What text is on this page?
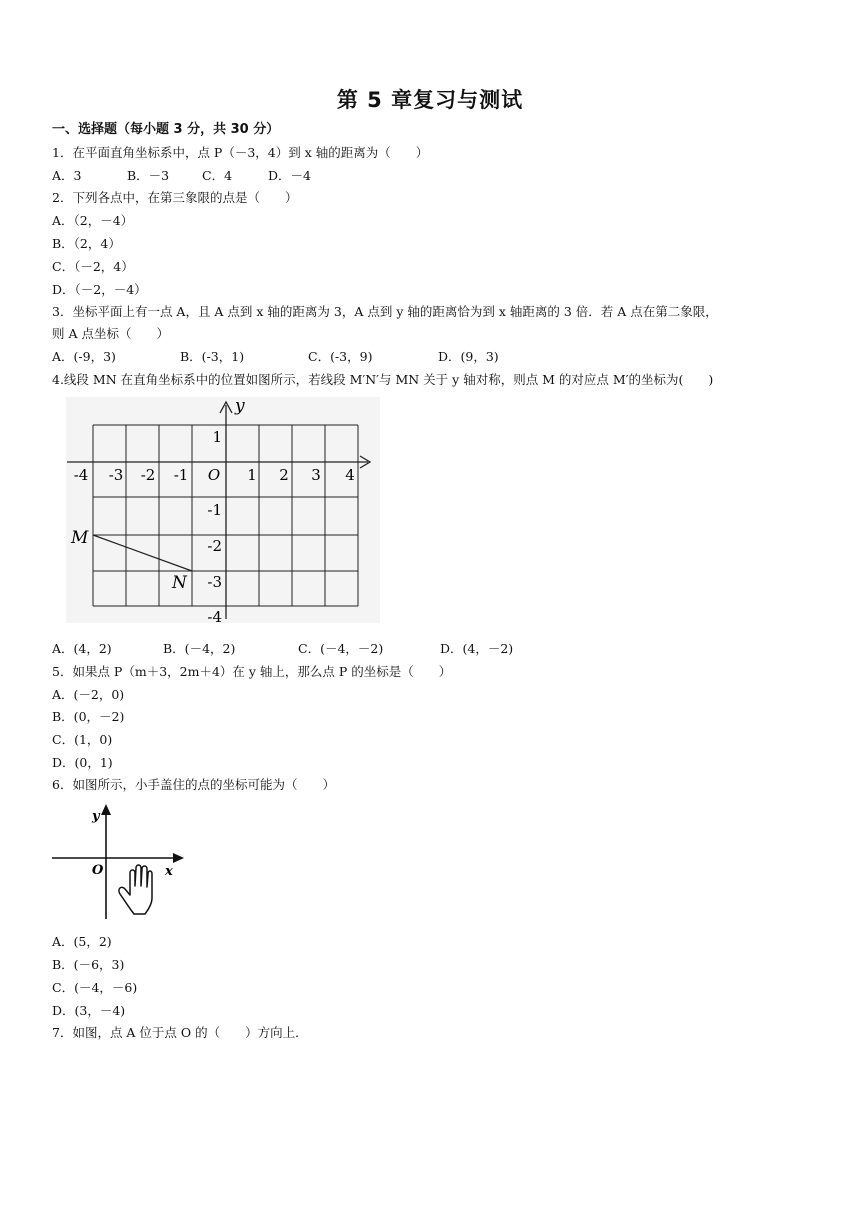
第 5 章复习与测试
一、选择题（每小题 3 分，共 30 分）
1．在平面直角坐标系中，点 P（－3，4）到 x 轴的距离为（　　）
A．3	B．－3	C．4	D．－4
2．下列各点中，在第三象限的点是（　　）
A．（2，－4）
B．（2，4）
C．（－2，4）
D．（－2，－4）
3．坐标平面上有一点 A，且 A 点到 x 轴的距离为 3，A 点到 y 轴的距离恰为到 x 轴距离的 3 倍．若 A 点在第二象限，
则 A 点坐标（　　）
A．(-9，3)	B．(-3，1)	C．(-3，9)	D．(9，3)
4.线段 MN 在直角坐标系中的位置如图所示，若线段 M′N′与 MN 关于 y 轴对称，则点 M 的对应点 M′的坐标为(　　)
y
-4 -3 -2 -1 O 1 2 3 4
1
-1
-2
-3
-4
M
N
A．(4，2)	B．(－4，2)	C．(－4，－2)	D．(4，－2)
5．如果点 P（m＋3，2m＋4）在 y 轴上，那么点 P 的坐标是（　　）
A．(－2，0)
B．(0，－2)
C．(1，0)
D．(0，1)
6．如图所示，小手盖住的点的坐标可能为（　　）
y
O	x
A．(5，2)
B．(－6，3)
C．(－4，－6)
D．(3，－4)
7．如图，点 A 位于点 O 的（　　）方向上．
